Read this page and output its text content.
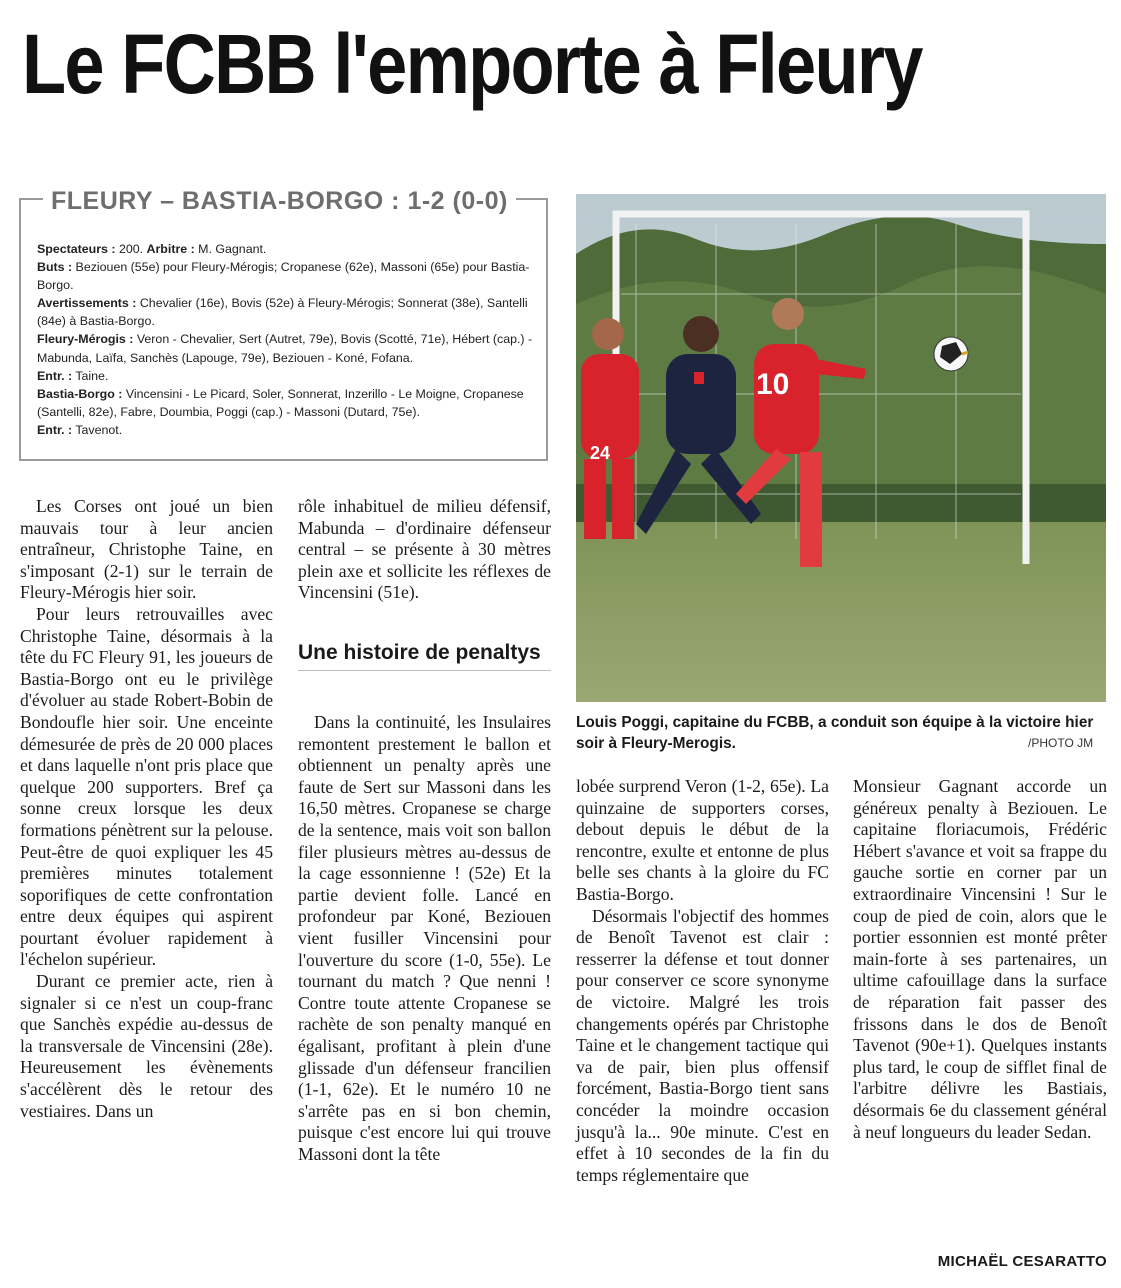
Le FCBB l'emporte à Fleury
FLEURY – BASTIA-BORGO : 1-2 (0-0)

Spectateurs : 200. Arbitre : M. Gagnant.

Buts : Beziouen (55e) pour Fleury-Mérogis; Cropanese (62e), Massoni (65e) pour Bastia-Borgo.

Avertissements : Chevalier (16e), Bovis (52e) à Fleury-Mérogis; Sonnerat (38e), Santelli (84e) à Bastia-Borgo.

Fleury-Mérogis : Veron - Chevalier, Sert (Autret, 79e), Bovis (Scotté, 71e), Hébert (cap.) - Mabunda, Laïfa, Sanchès (Lapouge, 79e), Beziouen - Koné, Fofana.

Entr. : Taine.

Bastia-Borgo : Vincensini - Le Picard, Soler, Sonnerat, Inzerillo - Le Moigne, Cropanese (Santelli, 82e), Fabre, Doumbia, Poggi (cap.) - Massoni (Dutard, 75e).

Entr. : Tavenot.

Les Corses ont joué un bien mauvais tour à leur ancien entraîneur, Christophe Taine, en s'imposant (2-1) sur le terrain de Fleury-Mérogis hier soir.

Pour leurs retrouvailles avec Christophe Taine, désormais à la tête du FC Fleury 91, les joueurs de Bastia-Borgo ont eu le privilège d'évoluer au stade Robert-Bobin de Bondoufle hier soir. Une enceinte démesurée de près de 20 000 places et dans laquelle n'ont pris place que quelque 200 supporters. Bref ça sonne creux lorsque les deux formations pénètrent sur la pelouse. Peut-être de quoi expliquer les 45 premières minutes totalement soporifiques de cette confrontation entre deux équipes qui aspirent pourtant évoluer rapidement à l'échelon supérieur.

Durant ce premier acte, rien à signaler si ce n'est un coup-franc que Sanchès expédie au-dessus de la transversale de Vincensini (28e). Heureusement les évènements s'accélèrent dès le retour des vestiaires. Dans un

rôle inhabituel de milieu défensif, Mabunda – d'ordinaire défenseur central – se présente à 30 mètres plein axe et sollicite les réflexes de Vincensini (51e).

Une histoire de penaltys

Dans la continuité, les Insulaires remontent prestement le ballon et obtiennent un penalty après une faute de Sert sur Massoni dans les 16,50 mètres. Cropanese se charge de la sentence, mais voit son ballon filer plusieurs mètres au-dessus de la cage essonnienne ! (52e) Et la partie devient folle. Lancé en profondeur par Koné, Beziouen vient fusiller Vincensini pour l'ouverture du score (1-0, 55e). Le tournant du match ? Que nenni ! Contre toute attente Cropanese se rachète de son penalty manqué en égalisant, profitant à plein d'une glissade d'un défenseur francilien (1-1, 62e). Et le numéro 10 ne s'arrête pas en si bon chemin, puisque c'est encore lui qui trouve Massoni dont la tête

24
10
Louis Poggi, capitaine du FCBB, a conduit son équipe à la victoire hier soir à Fleury-Merogis.	/PHOTO JM

lobée surprend Veron (1-2, 65e). La quinzaine de supporters corses, debout depuis le début de la rencontre, exulte et entonne de plus belle ses chants à la gloire du FC Bastia-Borgo.

Désormais l'objectif des hommes de Benoît Tavenot est clair : resserrer la défense et tout donner pour conserver ce score synonyme de victoire. Malgré les trois changements opérés par Christophe Taine et le changement tactique qui va de pair, bien plus offensif forcément, Bastia-Borgo tient sans concéder la moindre occasion jusqu'à la... 90e minute. C'est en effet à 10 secondes de la fin du temps réglementaire que

Monsieur Gagnant accorde un généreux penalty à Beziouen. Le capitaine floriacumois, Frédéric Hébert s'avance et voit sa frappe du gauche sortie en corner par un extraordinaire Vincensini ! Sur le coup de pied de coin, alors que le portier essonnien est monté prêter main-forte à ses partenaires, un ultime cafouillage dans la surface de réparation fait passer des frissons dans le dos de Benoît Tavenot (90e+1). Quelques instants plus tard, le coup de sifflet final de l'arbitre délivre les Bastiais, désormais 6e du classement général à neuf longueurs du leader Sedan.

MICHAËL CESARATTO
